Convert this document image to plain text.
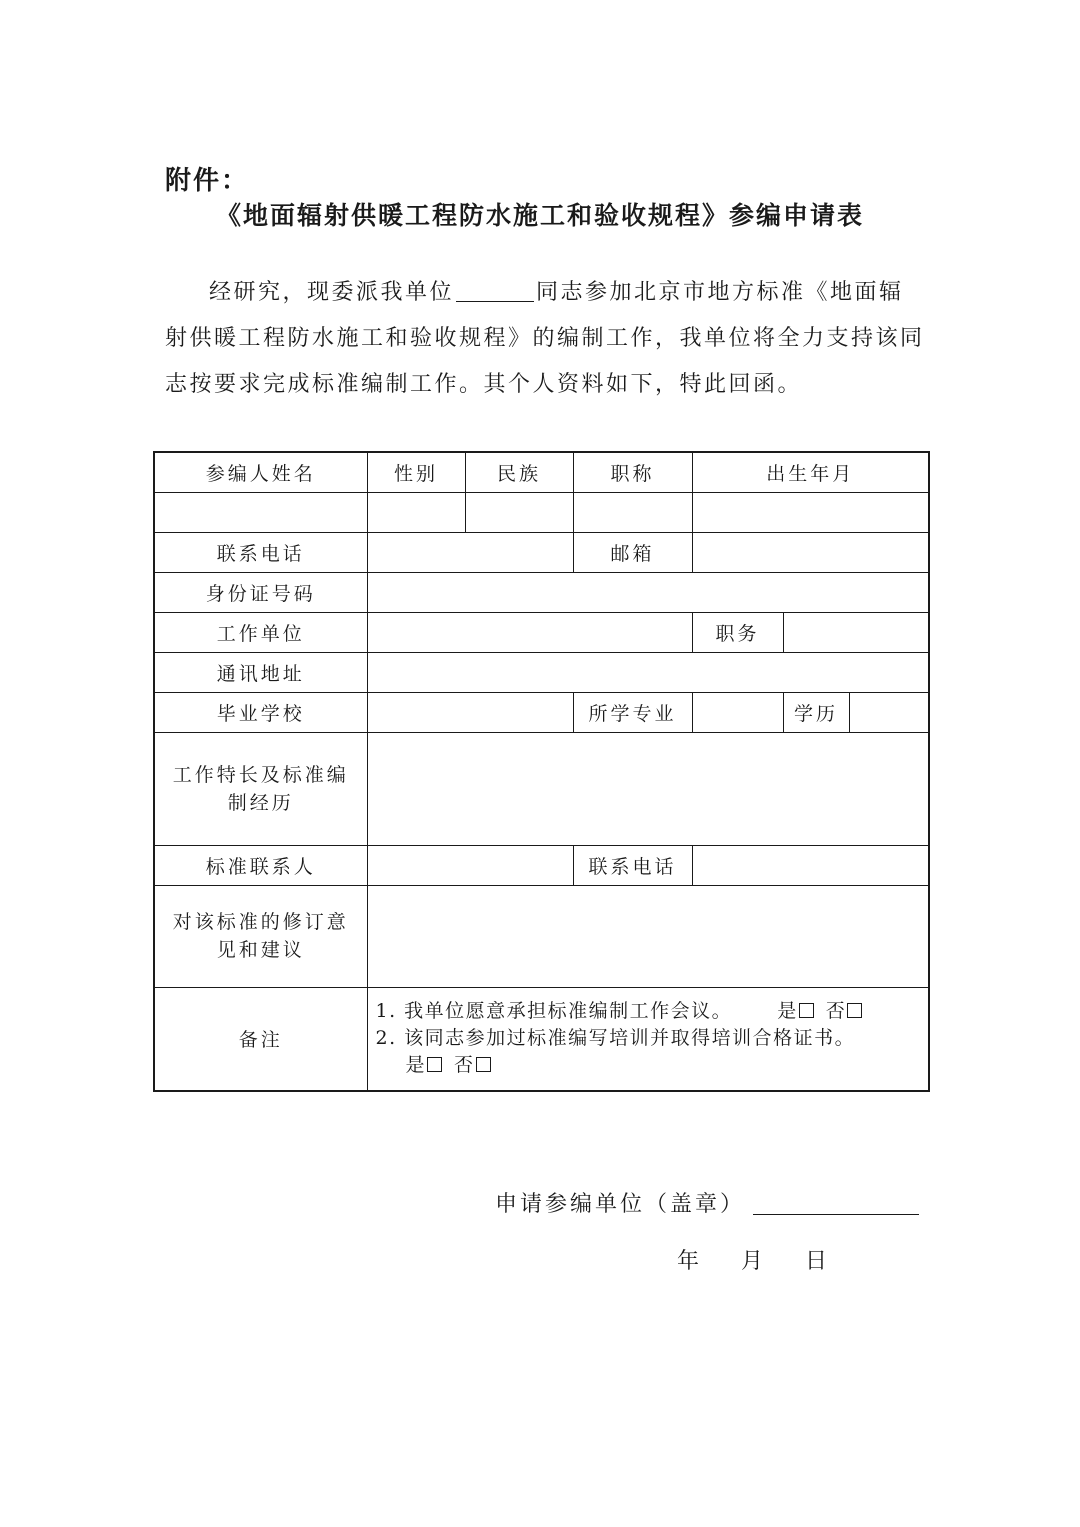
附件：
《地面辐射供暖工程防水施工和验收规程》参编申请表
经研究，现委派我单位	同志参加北京市地方标准《地面辐射供暖工程防水施工和验收规程》的编制工作，我单位将全力支持该同志按要求完成标准编制工作。其个人资料如下，特此回函。
参编人姓名	性别	民族	职称	出生年月		

联系电话			邮箱			
身份证号码						
工作单位				职务		
通讯地址						
毕业学校			所学专业		学历	

工作特长及标准编
制经历						

标准联系人			联系电话			

对该标准的修订意
见和建议						

备注	1. 我单位愿意承担标准编制工作会议。 是 否
2. 该同志参加过标准编写培训并取得培训合格证书。
是 否					
申请参编单位（盖章）
年 月 日
